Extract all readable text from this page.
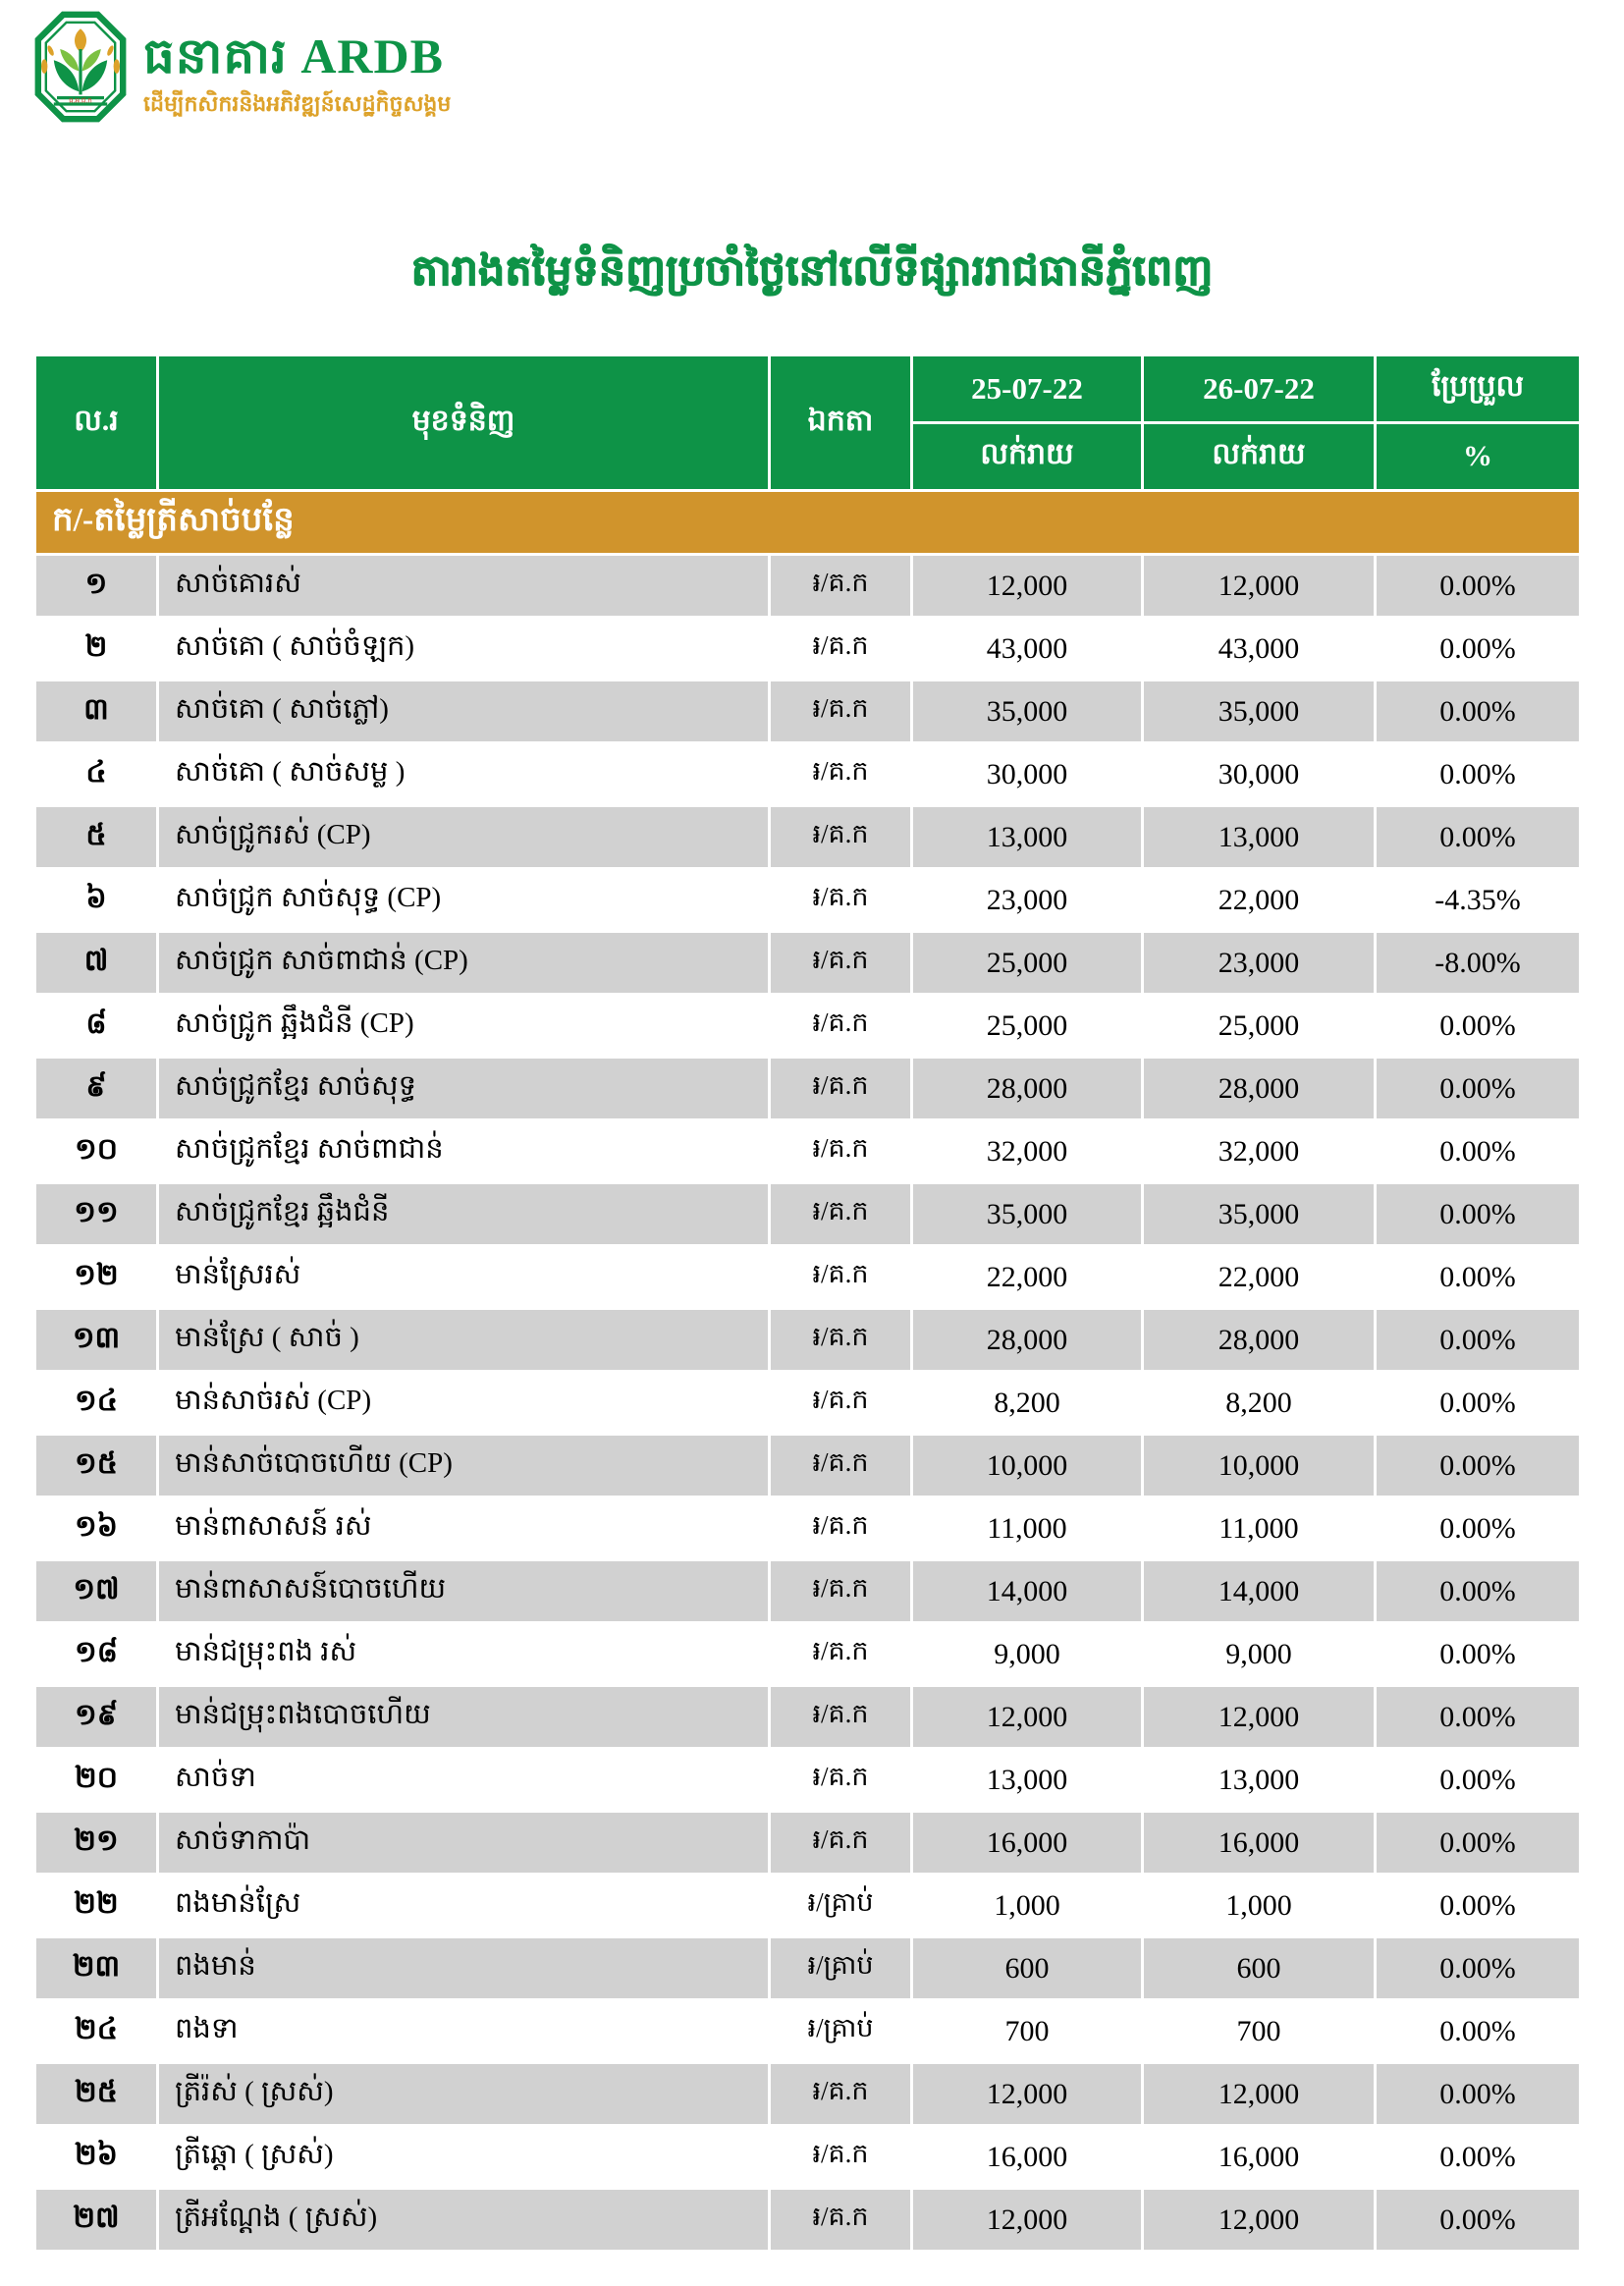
ធ.អ.ជ.ក
ធនាគារ ARDB
ដើម្បីកសិករនិងអភិវឌ្ឍន៍សេដ្ឋកិច្ចសង្គម
តារាងតម្លៃទំនិញប្រចាំថ្ងៃនៅលើទីផ្សាររាជធានីភ្នំពេញ
ល.រ	មុខទំនិញ	ឯកតា	25-07-22	26-07-22	ប្រែប្រួល
			លក់រាយ	លក់រាយ	%
ក/-តម្លៃត្រីសាច់បន្លែ					
១	សាច់គោរស់	៛/គ.ក	12,000	12,000	0.00%
២	សាច់គោ ( សាច់ចំឡក)	៛/គ.ក	43,000	43,000	0.00%
៣	សាច់គោ ( សាច់ភ្លៅ)	៛/គ.ក	35,000	35,000	0.00%
៤	សាច់គោ ( សាច់សម្ល )	៛/គ.ក	30,000	30,000	0.00%
៥	សាច់ជ្រូករស់ (CP)	៛/គ.ក	13,000	13,000	0.00%
៦	សាច់ជ្រូក សាច់សុទ្ធ (CP)	៛/គ.ក	23,000	22,000	-4.35%
៧	សាច់ជ្រូក សាច់ពាជាន់ (CP)	៛/គ.ក	25,000	23,000	-8.00%
៨	សាច់ជ្រូក ឆ្អឹងជំនី (CP)	៛/គ.ក	25,000	25,000	0.00%
៩	សាច់ជ្រូកខ្មែរ សាច់សុទ្ធ	៛/គ.ក	28,000	28,000	0.00%
១០	សាច់ជ្រូកខ្មែរ សាច់ពាជាន់	៛/គ.ក	32,000	32,000	0.00%
១១	សាច់ជ្រូកខ្មែរ ឆ្អឹងជំនី	៛/គ.ក	35,000	35,000	0.00%
១២	មាន់ស្រែរស់	៛/គ.ក	22,000	22,000	0.00%
១៣	មាន់ស្រែ ( សាច់ )	៛/គ.ក	28,000	28,000	0.00%
១៤	មាន់សាច់រស់ (CP)	៛/គ.ក	8,200	8,200	0.00%
១៥	មាន់សាច់បោចហើយ (CP)	៛/គ.ក	10,000	10,000	0.00%
១៦	មាន់ពាសាសន៍ រស់	៛/គ.ក	11,000	11,000	0.00%
១៧	មាន់ពាសាសន៍បោចហើយ	៛/គ.ក	14,000	14,000	0.00%
១៨	មាន់ជម្រុះពង រស់	៛/គ.ក	9,000	9,000	0.00%
១៩	មាន់ជម្រុះពងបោចហើយ	៛/គ.ក	12,000	12,000	0.00%
២០	សាច់ទា	៛/គ.ក	13,000	13,000	0.00%
២១	សាច់ទាកាប៉ា	៛/គ.ក	16,000	16,000	0.00%
២២	ពងមាន់ស្រែ	៛/គ្រាប់	1,000	1,000	0.00%
២៣	ពងមាន់	៛/គ្រាប់	600	600	0.00%
២៤	ពងទា	៛/គ្រាប់	700	700	0.00%
២៥	ត្រីរ៉ស់ ( ស្រស់)	៛/គ.ក	12,000	12,000	0.00%
២៦	ត្រីឆ្ដោ ( ស្រស់)	៛/គ.ក	16,000	16,000	0.00%
២៧	ត្រីអណ្ដែង ( ស្រស់)	៛/គ.ក	12,000	12,000	0.00%
